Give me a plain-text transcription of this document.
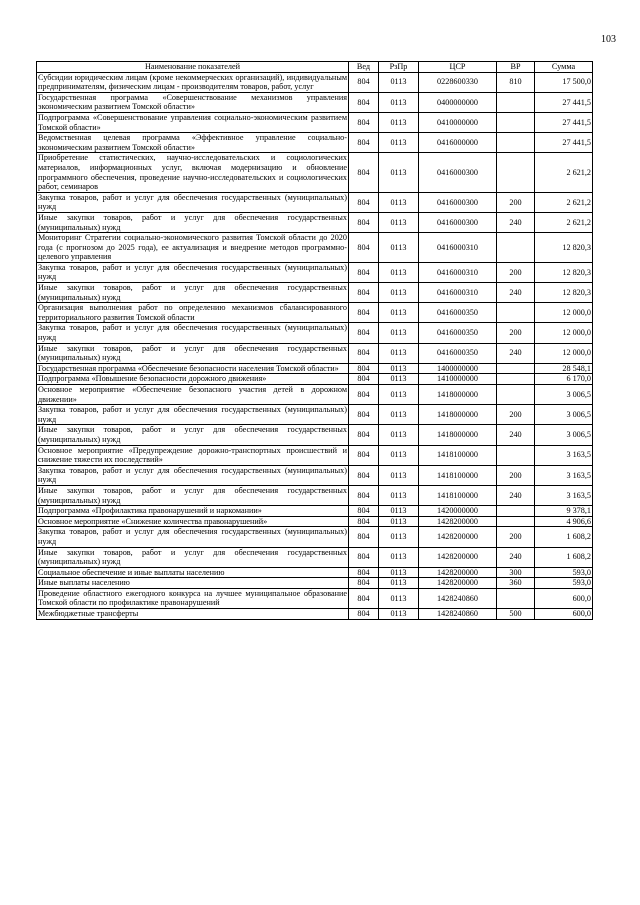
103
Наименование показателей	Вед	РзПр	ЦСР	ВР	Сумма
Субсидии юридическим лицам (кроме некоммерческих организаций), индивидуальным предпринимателям, физическим лицам - производителям товаров, работ, услуг	804	0113	0228600330	810	17 500,0
Государственная программа «Совершенствование механизмов управления экономическим развитием Томской области»	804	0113	0400000000		27 441,5
Подпрограмма «Совершенствование управления социально-экономическим развитием Томской области»	804	0113	0410000000		27 441,5
Ведомственная целевая программа «Эффективное управление социально-экономическим развитием Томской области»	804	0113	0416000000		27 441,5
Приобретение статистических, научно-исследовательских и социологических материалов, информационных услуг, включая модернизацию и обновление программного обеспечения, проведение научно-исследовательских и социологических работ, семинаров	804	0113	0416000300		2 621,2
Закупка товаров, работ и услуг для обеспечения государственных (муниципальных) нужд	804	0113	0416000300	200	2 621,2
Иные закупки товаров, работ и услуг для обеспечения государственных (муниципальных) нужд	804	0113	0416000300	240	2 621,2
Мониторинг Стратегии социально-экономического развития Томской области до 2020 года (с прогнозом до 2025 года), ее актуализация и внедрение методов программно-целевого управления	804	0113	0416000310		12 820,3
Закупка товаров, работ и услуг для обеспечения государственных (муниципальных) нужд	804	0113	0416000310	200	12 820,3
Иные закупки товаров, работ и услуг для обеспечения государственных (муниципальных) нужд	804	0113	0416000310	240	12 820,3
Организация выполнения работ по определению механизмов сбалансированного территориального развития Томской области	804	0113	0416000350		12 000,0
Закупка товаров, работ и услуг для обеспечения государственных (муниципальных) нужд	804	0113	0416000350	200	12 000,0
Иные закупки товаров, работ и услуг для обеспечения государственных (муниципальных) нужд	804	0113	0416000350	240	12 000,0
Государственная программа «Обеспечение безопасности населения Томской области»	804	0113	1400000000		28 548,1
Подпрограмма «Повышение безопасности дорожного движения»	804	0113	1410000000		6 170,0
Основное мероприятие «Обеспечение безопасного участия детей в дорожном движении»	804	0113	1418000000		3 006,5
Закупка товаров, работ и услуг для обеспечения государственных (муниципальных) нужд	804	0113	1418000000	200	3 006,5
Иные закупки товаров, работ и услуг для обеспечения государственных (муниципальных) нужд	804	0113	1418000000	240	3 006,5
Основное мероприятие «Предупреждение дорожно-транспортных происшествий и снижение тяжести их последствий»	804	0113	1418100000		3 163,5
Закупка товаров, работ и услуг для обеспечения государственных (муниципальных) нужд	804	0113	1418100000	200	3 163,5
Иные закупки товаров, работ и услуг для обеспечения государственных (муниципальных) нужд	804	0113	1418100000	240	3 163,5
Подпрограмма «Профилактика правонарушений и наркомании»	804	0113	1420000000		9 378,1
Основное мероприятие «Снижение количества правонарушений»	804	0113	1428200000		4 906,6
Закупка товаров, работ и услуг для обеспечения государственных (муниципальных) нужд	804	0113	1428200000	200	1 608,2
Иные закупки товаров, работ и услуг для обеспечения государственных (муниципальных) нужд	804	0113	1428200000	240	1 608,2
Социальное обеспечение и иные выплаты населению	804	0113	1428200000	300	593,0
Иные выплаты населению	804	0113	1428200000	360	593,0
Проведение областного ежегодного конкурса на лучшее муниципальное образование Томской области по профилактике правонарушений	804	0113	1428240860		600,0
Межбюджетные трансферты	804	0113	1428240860	500	600,0
